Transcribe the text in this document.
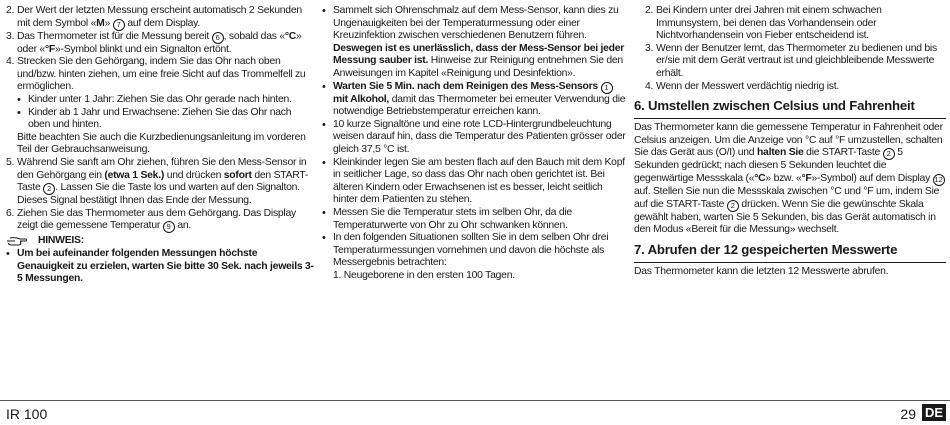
2. Der Wert der letzten Messung erscheint automatisch 2 Sekunden mit dem Symbol «M» 7 auf dem Display.
3. Das Thermometer ist für die Messung bereit 6 , sobald das «°C» oder «°F»-Symbol blinkt und ein Signalton ertönt.
4. Strecken Sie den Gehörgang, indem Sie das Ohr nach oben und/bzw. hinten ziehen, um eine freie Sicht auf das Trommelfell zu ermöglichen.
• Kinder unter 1 Jahr: Ziehen Sie das Ohr gerade nach hinten.
• Kinder ab 1 Jahr und Erwachsene: Ziehen Sie das Ohr nach oben und hinten.

Bitte beachten Sie auch die Kurzbedienungsanleitung im vorderen Teil der Gebrauchsanweisung.

5. Während Sie sanft am Ohr ziehen, führen Sie den Mess-Sensor in den Gehörgang ein (etwa 1 Sek.) und drücken sofort den START-Taste 2 . Lassen Sie die Taste los und warten auf den Signalton. Dieses Signal bestätigt Ihnen das Ende der Messung.
6. Ziehen Sie das Thermometer aus dem Gehörgang. Das Display zeigt die gemessene Temperatur 9 an.
HINWEIS:
• Um bei aufeinander folgenden Messungen höchste Genauigkeit zu erzielen, warten Sie bitte 30 Sek. nach jeweils 3-5 Messungen.
• Sammelt sich Ohrenschmalz auf dem Mess-Sensor, kann dies zu Ungenauigkeiten bei der Temperaturmessung oder einer Kreuzinfektion zwischen verschiedenen Benutzern führen. Deswegen ist es unerlässlich, dass der Mess-Sensor bei jeder Messung sauber ist. Hinweise zur Reinigung entnehmen Sie den Anweisungen im Kapitel «Reinigung und Desinfektion».
• Warten Sie 5 Min. nach dem Reinigen des Mess-Sensors 1 mit Alkohol, damit das Thermometer bei erneuter Verwendung die notwendige Betriebstemperatur erreichen kann.
• 10 kurze Signaltöne und eine rote LCD-Hintergrundbeleuchtung weisen darauf hin, dass die Temperatur des Patienten grösser oder gleich 37,5 °C ist.
• Kleinkinder legen Sie am besten flach auf den Bauch mit dem Kopf in seitlicher Lage, so dass das Ohr nach oben gerichtet ist. Bei älteren Kindern oder Erwachsenen ist es besser, leicht seitlich hinter dem Patienten zu stehen.
• Messen Sie die Temperatur stets im selben Ohr, da die Temperaturwerte von Ohr zu Ohr schwanken können.
• In den folgenden Situationen sollten Sie in dem selben Ohr drei Temperaturmessungen vornehmen und davon die höchste als Messergebnis betrachten:
1. Neugeborene in den ersten 100 Tagen.
2. Bei Kindern unter drei Jahren mit einem schwachen Immunsystem, bei denen das Vorhandensein oder Nichtvorhandensein von Fieber entscheidend ist.
3. Wenn der Benutzer lernt, das Thermometer zu bedienen und bis er/sie mit dem Gerät vertraut ist und gleichbleibende Messwerte erhält.
4. Wenn der Messwert verdächtig niedrig ist.
6. Umstellen zwischen Celsius und Fahrenheit

Das Thermometer kann die gemessene Temperatur in Fahrenheit oder Celsius anzeigen. Um die Anzeige von °C auf °F umzustellen, schalten Sie das Gerät aus (O/I) und halten Sie die START-Taste 2 5 Sekunden gedrückt; nach diesen 5 Sekunden leuchtet die gegenwärtige Messskala («°C» bzw. «°F»-Symbol) auf dem Display 12 auf. Stellen Sie nun die Messskala zwischen °C und °F um, indem Sie auf die START-Taste 2 drücken. Wenn Sie die gewünschte Skala gewählt haben, warten Sie 5 Sekunden, bis das Gerät automatisch in den Modus «Bereit für die Messung» wechselt.

7. Abrufen der 12 gespeicherten Messwerte

Das Thermometer kann die letzten 12 Messwerte abrufen.

IR 100	29 DE
